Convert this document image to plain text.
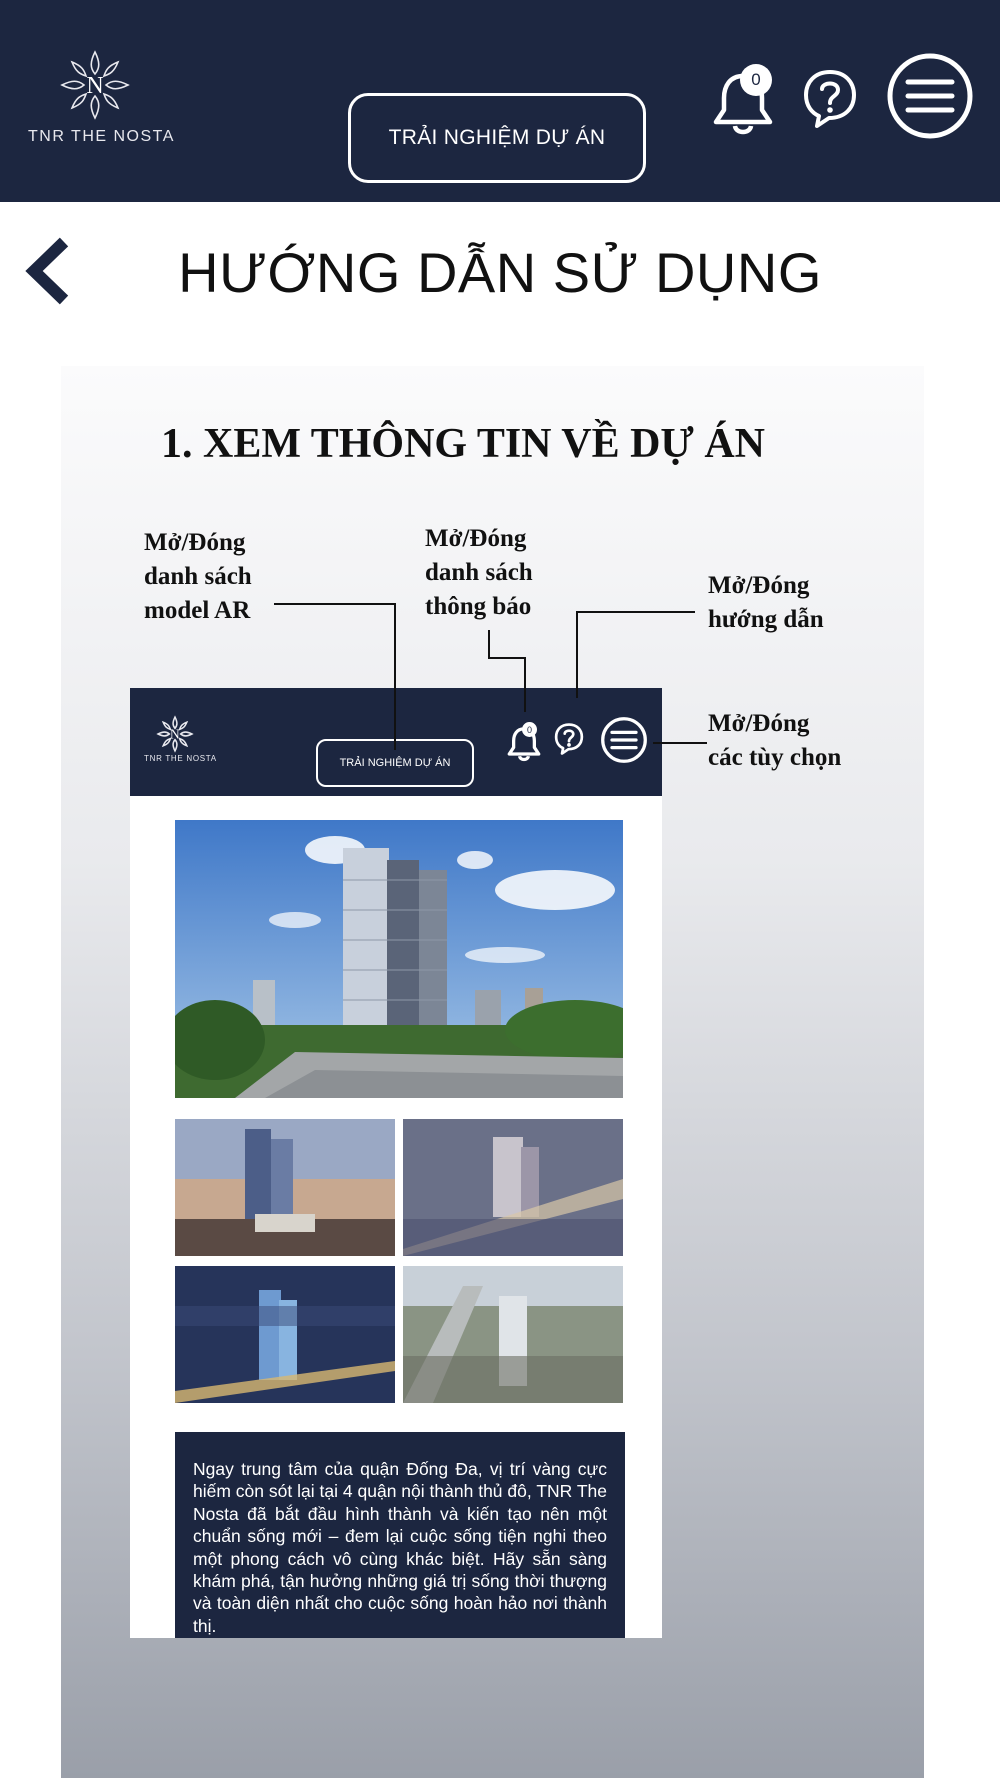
N
TNR THE NOSTA	TRẢI NGHIỆM DỰ ÁN
0
HƯỚNG DẪN SỬ DỤNG
1. XEM THÔNG TIN VỀ DỰ ÁN
Mở/Đóng
danh sách
model AR
Mở/Đóng
danh sách
thông báo
Mở/Đóng
hướng dẫn
Mở/Đóng
các tùy chọn
N
TNR THE NOSTA	TRẢI NGHIỆM DỰ ÁN
0
Ngay trung tâm của quận Đống Đa, vị trí vàng cực hiếm còn sót lại tại 4 quận nội thành thủ đô, TNR The Nosta đã bắt đầu hình thành và kiến tạo nên một chuẩn sống mới – đem lại cuộc sống tiện nghi theo một phong cách vô cùng khác biệt. Hãy sẵn sàng khám phá, tận hưởng những giá trị sống thời thượng và toàn diện nhất cho cuộc sống hoàn hảo nơi thành thị.
